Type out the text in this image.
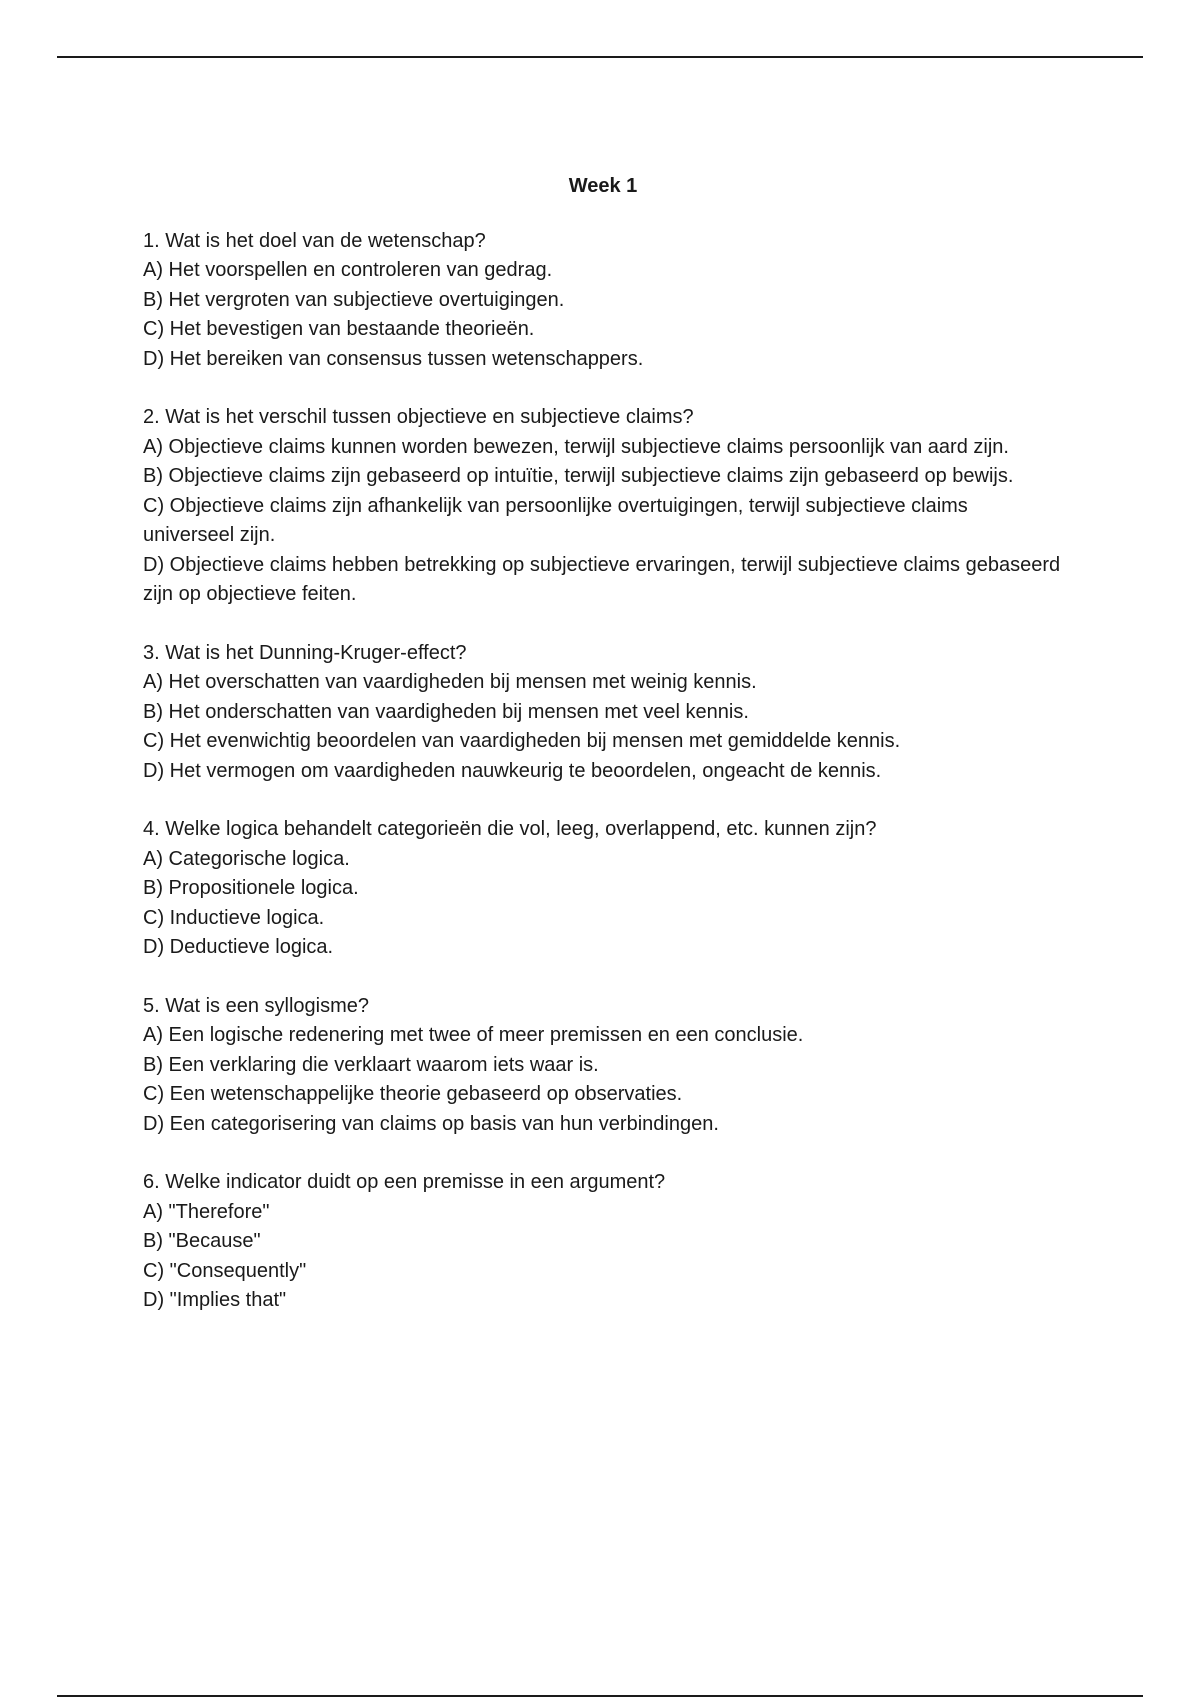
Week 1

1. Wat is het doel van de wetenschap?

A) Het voorspellen en controleren van gedrag.

B) Het vergroten van subjectieve overtuigingen.

C) Het bevestigen van bestaande theorieën.

D) Het bereiken van consensus tussen wetenschappers.

2. Wat is het verschil tussen objectieve en subjectieve claims?

A) Objectieve claims kunnen worden bewezen, terwijl subjectieve claims persoonlijk van aard zijn.

B) Objectieve claims zijn gebaseerd op intuïtie, terwijl subjectieve claims zijn gebaseerd op bewijs.

C) Objectieve claims zijn afhankelijk van persoonlijke overtuigingen, terwijl subjectieve claims universeel zijn.

D) Objectieve claims hebben betrekking op subjectieve ervaringen, terwijl subjectieve claims gebaseerd zijn op objectieve feiten.

3. Wat is het Dunning-Kruger-effect?

A) Het overschatten van vaardigheden bij mensen met weinig kennis.

B) Het onderschatten van vaardigheden bij mensen met veel kennis.

C) Het evenwichtig beoordelen van vaardigheden bij mensen met gemiddelde kennis.

D) Het vermogen om vaardigheden nauwkeurig te beoordelen, ongeacht de kennis.

4. Welke logica behandelt categorieën die vol, leeg, overlappend, etc. kunnen zijn?

A) Categorische logica.

B) Propositionele logica.

C) Inductieve logica.

D) Deductieve logica.

5. Wat is een syllogisme?

A) Een logische redenering met twee of meer premissen en een conclusie.

B) Een verklaring die verklaart waarom iets waar is.

C) Een wetenschappelijke theorie gebaseerd op observaties.

D) Een categorisering van claims op basis van hun verbindingen.

6. Welke indicator duidt op een premisse in een argument?

A) "Therefore"

B) "Because"

C) "Consequently"

D) "Implies that"
